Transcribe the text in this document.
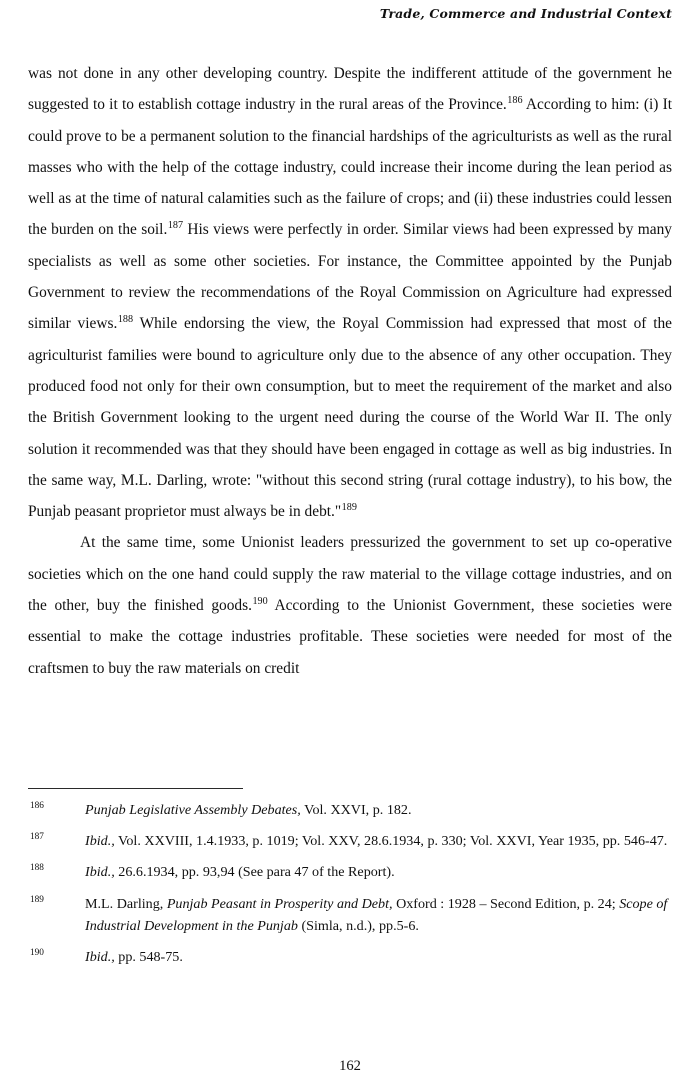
Trade, Commerce and Industrial Context

was not done in any other developing country. Despite the indifferent attitude of the government he suggested to it to establish cottage industry in the rural areas of the Province.$^{186}$ According to him: (i) It could prove to be a permanent solution to the financial hardships of the agriculturists as well as the rural masses who with the help of the cottage industry, could increase their income during the lean period as well as at the time of natural calamities such as the failure of crops; and (ii) these industries could lessen the burden on the soil.$^{187}$ His views were perfectly in order. Similar views had been expressed by many specialists as well as some other societies. For instance, the Committee appointed by the Punjab Government to review the recommendations of the Royal Commission on Agriculture had expressed similar views.$^{188}$ While endorsing the view, the Royal Commission had expressed that most of the agriculturist families were bound to agriculture only due to the absence of any other occupation. They produced food not only for their own consumption, but to meet the requirement of the market and also the British Government looking to the urgent need during the course of the World War II. The only solution it recommended was that they should have been engaged in cottage as well as big industries. In the same way, M.L. Darling, wrote: "without this second string (rural cottage industry), to his bow, the Punjab peasant proprietor must always be in debt."$^{189}$

At the same time, some Unionist leaders pressurized the government to set up co-operative societies which on the one hand could supply the raw material to the village cottage industries, and on the other, buy the finished goods.$^{190}$ According to the Unionist Government, these societies were essential to make the cottage industries profitable. These societies were needed for most of the craftsmen to buy the raw materials on credit

186	Punjab Legislative Assembly Debates, Vol. XXVI, p. 182.
187	Ibid., Vol. XXVIII, 1.4.1933, p. 1019; Vol. XXV, 28.6.1934, p. 330; Vol. XXVI, Year 1935, pp. 546-47.
188	Ibid., 26.6.1934, pp. 93,94 (See para 47 of the Report).
189	M.L. Darling, Punjab Peasant in Prosperity and Debt, Oxford : 1928 – Second Edition, p. 24; Scope of Industrial Development in the Punjab (Simla, n.d.), pp.5-6.
190	Ibid., pp. 548-75.
162
